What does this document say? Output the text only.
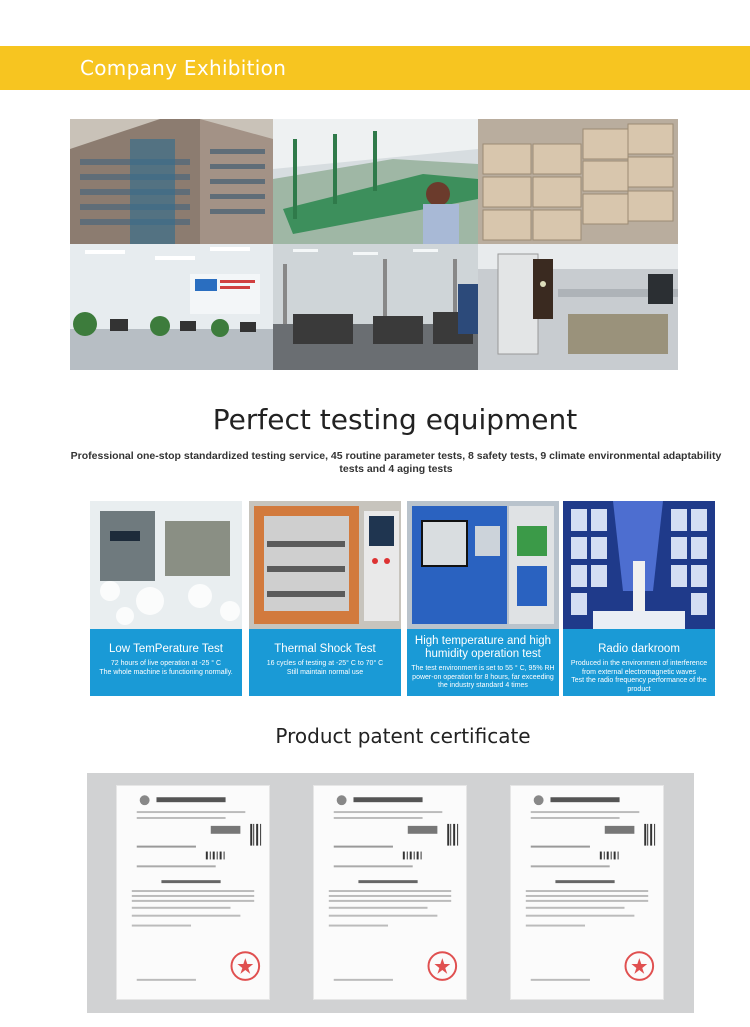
Company Exhibition
Perfect testing equipment
Professional one-stop standardized testing service, 45 routine parameter tests, 8 safety tests, 9 climate environmental adaptability tests and 4 aging tests
Low TemPerature Test
72 hours of live operation at -25 ° C
The whole machine is functioning normally.
Thermal Shock Test
16 cycles of testing at -25° C to 70° C
Still maintain normal use
High temperature and high humidity operation test
The test environment is set to 55 ° C, 95% RH power-on operation for 8 hours, far exceeding the industry standard 4 times
Radio darkroom
Produced in the environment of interference from external electromagnetic waves
Test the radio frequency performance of the product
Product patent certificate
